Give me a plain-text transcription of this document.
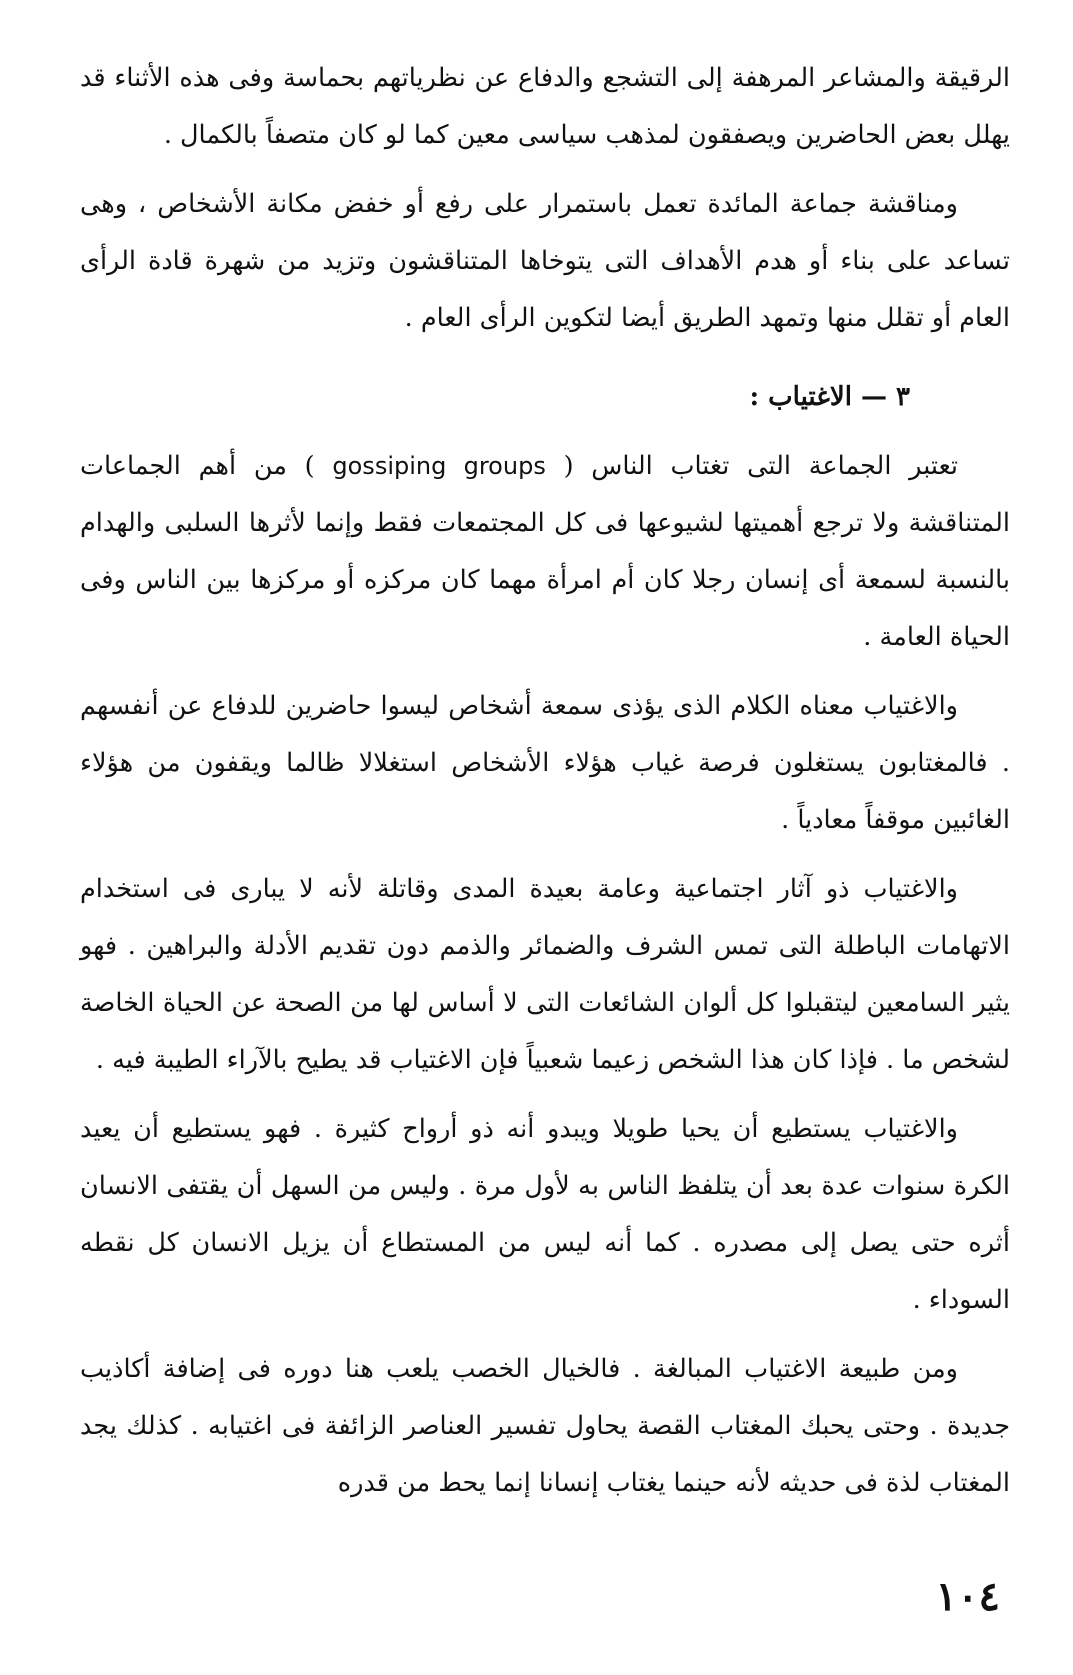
الرقيقة والمشاعر المرهفة إلى التشجع والدفاع عن نظرياتهم بحماسة وفى هذه الأثناء قد يهلل بعض الحاضرين ويصفقون لمذهب سياسى معين كما لو كان متصفاً بالكمال .

ومناقشة جماعة المائدة تعمل باستمرار على رفع أو خفض مكانة الأشخاص ، وهى تساعد على بناء أو هدم الأهداف التى يتوخاها المتناقشون وتزيد من شهرة قادة الرأى العام أو تقلل منها وتمهد الطريق أيضا لتكوين الرأى العام .

٣ — الاغتياب :

تعتبر الجماعة التى تغتاب الناس ( gossiping groups ) من أهم الجماعات المتناقشة ولا ترجع أهميتها لشيوعها فى كل المجتمعات فقط وإنما لأثرها السلبى والهدام بالنسبة لسمعة أى إنسان رجلا كان أم امرأة مهما كان مركزه أو مركزها بين الناس وفى الحياة العامة .

والاغتياب معناه الكلام الذى يؤذى سمعة أشخاص ليسوا حاضرين للدفاع عن أنفسهم . فالمغتابون يستغلون فرصة غياب هؤلاء الأشخاص استغلالا ظالما ويقفون من هؤلاء الغائبين موقفاً معادياً .

والاغتياب ذو آثار اجتماعية وعامة بعيدة المدى وقاتلة لأنه لا يبارى فى استخدام الاتهامات الباطلة التى تمس الشرف والضمائر والذمم دون تقديم الأدلة والبراهين . فهو يثير السامعين ليتقبلوا كل ألوان الشائعات التى لا أساس لها من الصحة عن الحياة الخاصة لشخص ما . فإذا كان هذا الشخص زعيما شعبياً فإن الاغتياب قد يطيح بالآراء الطيبة فيه .

والاغتياب يستطيع أن يحيا طويلا ويبدو أنه ذو أرواح كثيرة . فهو يستطيع أن يعيد الكرة سنوات عدة بعد أن يتلفظ الناس به لأول مرة . وليس من السهل أن يقتفى الانسان أثره حتى يصل إلى مصدره . كما أنه ليس من المستطاع أن يزيل الانسان كل نقطه السوداء .

ومن طبيعة الاغتياب المبالغة . فالخيال الخصب يلعب هنا دوره فى إضافة أكاذيب جديدة . وحتى يحبك المغتاب القصة يحاول تفسير العناصر الزائفة فى اغتيابه . كذلك يجد المغتاب لذة فى حديثه لأنه حينما يغتاب إنسانا إنما يحط من قدره

١٠٤
